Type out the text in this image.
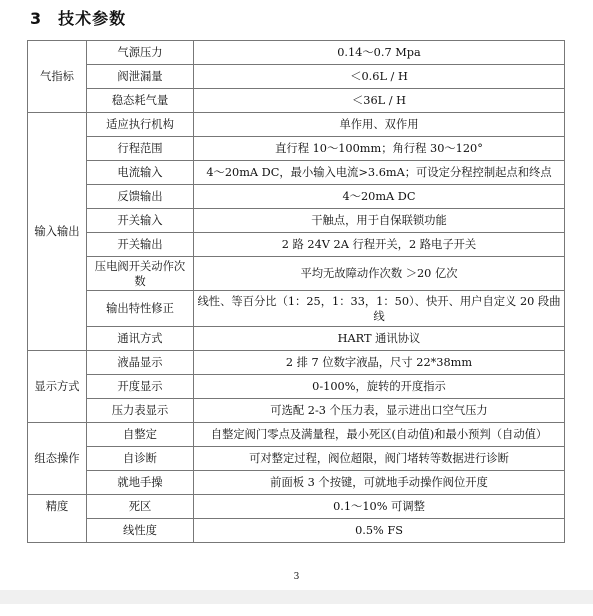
3 技术参数
气指标	气源压力	0.14～0.7 Mpa
	阀泄漏量	＜0.6L / H
	稳态耗气量	＜36L / H
输入输出	适应执行机构	单作用、双作用
	行程范围	直行程 10～100mm；角行程 30～120°
	电流输入	4～20mA DC，最小输入电流>3.6mA；可设定分程控制起点和终点
	反馈输出	4～20mA DC
	开关输入	干触点，用于自保联锁功能
	开关输出	2 路 24V 2A 行程开关，2 路电子开关
	压电阀开关动作次数	平均无故障动作次数 ＞20 亿次
	输出特性修正	线性、等百分比（1：25，1：33，1：50）、快开、用户自定义 20 段曲线
	通讯方式	HART 通讯协议
显示方式	液晶显示	2 排 7 位数字液晶，尺寸 22*38mm
	开度显示	0-100%，旋转的开度指示
	压力表显示	可选配 2-3 个压力表，显示进出口空气压力
组态操作	自整定	自整定阀门零点及满量程，最小死区(自动值)和最小预判（自动值）
	自诊断	可对整定过程，阀位超限，阀门堵转等数据进行诊断
	就地手操	前面板 3 个按键，可就地手动操作阀位开度
精度	死区	0.1～10% 可调整
	线性度	0.5% FS
3
